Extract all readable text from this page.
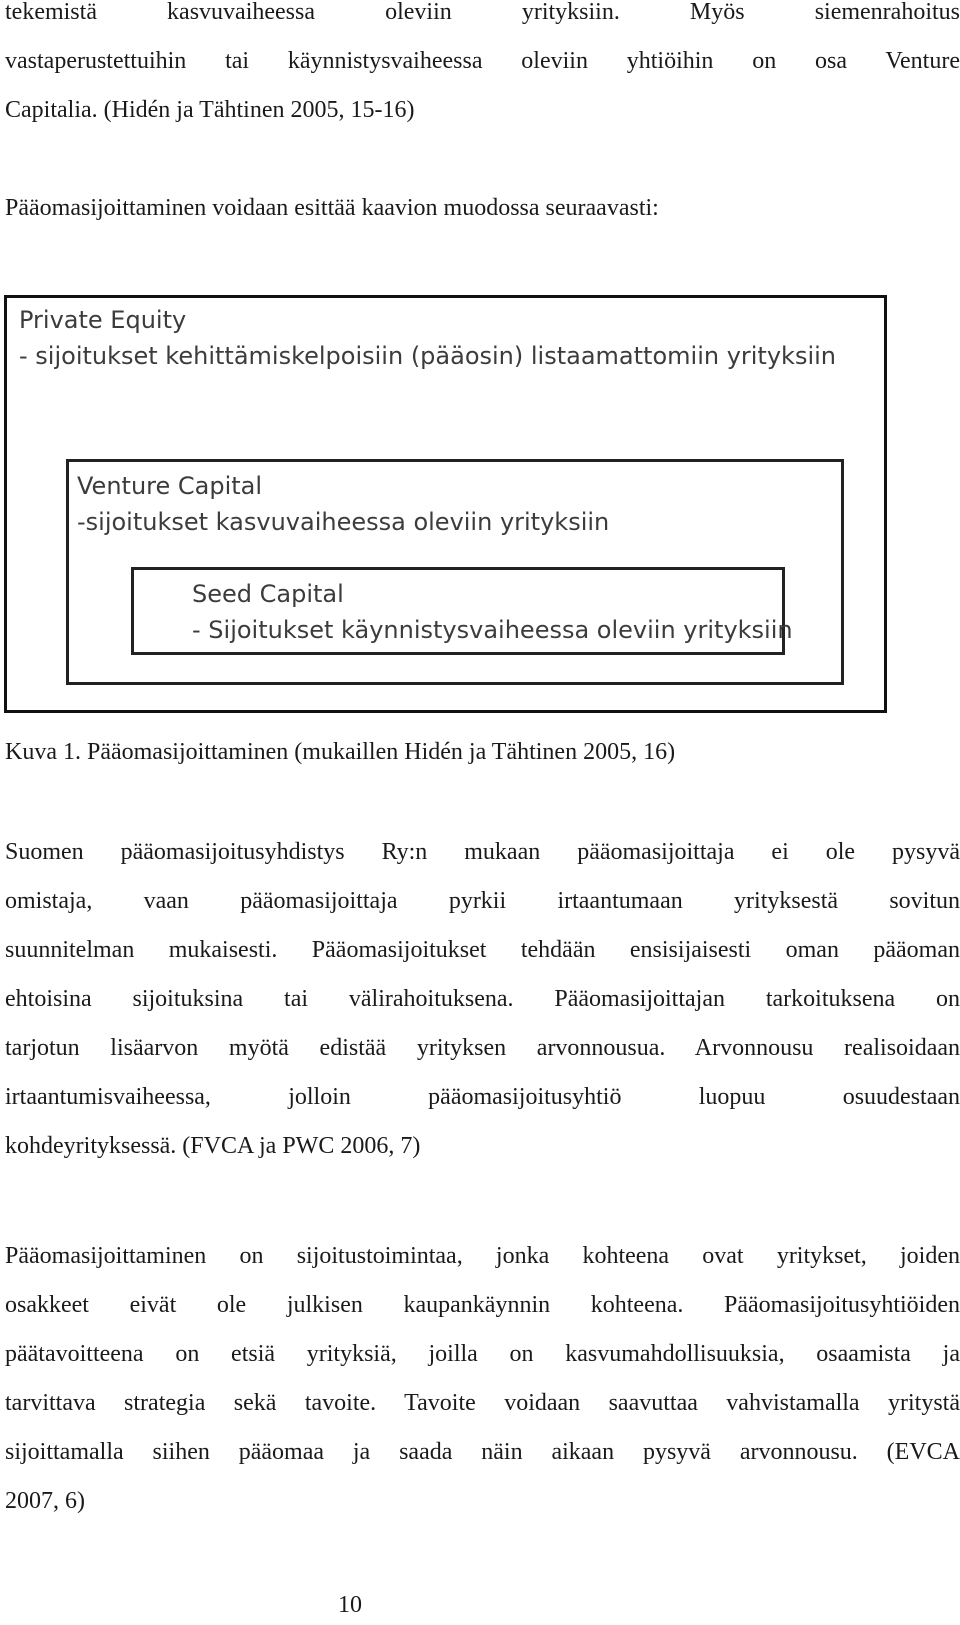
tekemistä kasvuvaiheessa oleviin yrityksiin. Myös siemenrahoitus
vastaperustettuihin tai käynnistysvaiheessa oleviin yhtiöihin on osa Venture
Capitalia. (Hidén ja Tähtinen 2005, 15-16)

Pääomasijoittaminen voidaan esittää kaavion muodossa seuraavasti:

Private Equity
- sijoitukset kehittämiskelpoisiin (pääosin) listaamattomiin yrityksiin
Venture Capital
-sijoitukset kasvuvaiheessa oleviin yrityksiin
Seed Capital
- Sijoitukset käynnistysvaiheessa oleviin yrityksiin

Kuva 1. Pääomasijoittaminen (mukaillen Hidén ja Tähtinen 2005, 16)

Suomen pääomasijoitusyhdistys Ry:n mukaan pääomasijoittaja ei ole pysyvä
omistaja, vaan pääomasijoittaja pyrkii irtaantumaan yrityksestä sovitun
suunnitelman mukaisesti. Pääomasijoitukset tehdään ensisijaisesti oman pääoman
ehtoisina sijoituksina tai välirahoituksena. Pääomasijoittajan tarkoituksena on
tarjotun lisäarvon myötä edistää yrityksen arvonnousua. Arvonnousu realisoidaan
irtaantumisvaiheessa, jolloin pääomasijoitusyhtiö luopuu osuudestaan
kohdeyrityksessä. (FVCA ja PWC 2006, 7)
Pääomasijoittaminen on sijoitustoimintaa, jonka kohteena ovat yritykset, joiden
osakkeet eivät ole julkisen kaupankäynnin kohteena. Pääomasijoitusyhtiöiden
päätavoitteena on etsiä yrityksiä, joilla on kasvumahdollisuuksia, osaamista ja
tarvittava strategia sekä tavoite. Tavoite voidaan saavuttaa vahvistamalla yritystä
sijoittamalla siihen pääomaa ja saada näin aikaan pysyvä arvonnousu. (EVCA
2007, 6)
10
